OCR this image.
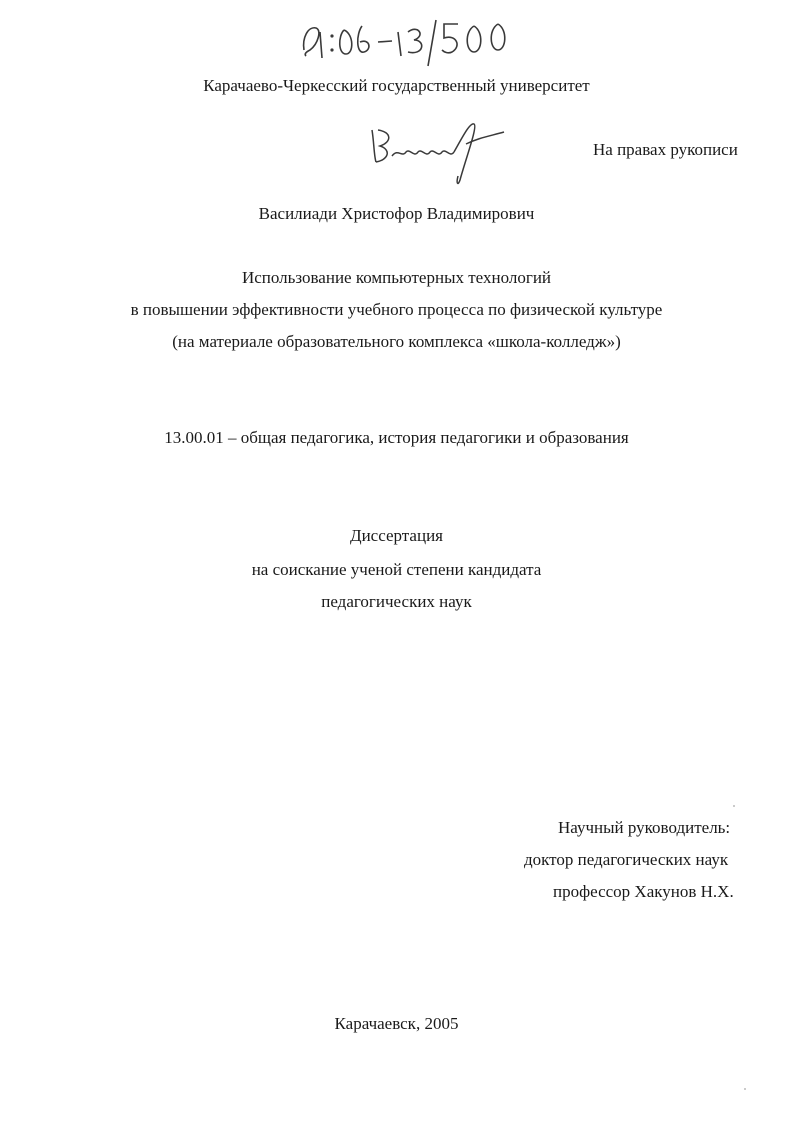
Карачаево-Черкесский государственный университет
На правах рукописи
Василиади Христофор Владимирович
Использование компьютерных технологий
в повышении эффективности учебного процесса по физической культуре
(на материале образовательного комплекса «школа-колледж»)
13.00.01 – общая педагогика, история педагогики и образования
Диссертация
на соискание ученой степени кандидата
педагогических наук
Научный руководитель:
доктор педагогических наук
профессор Хакунов Н.Х.
Карачаевск, 2005
